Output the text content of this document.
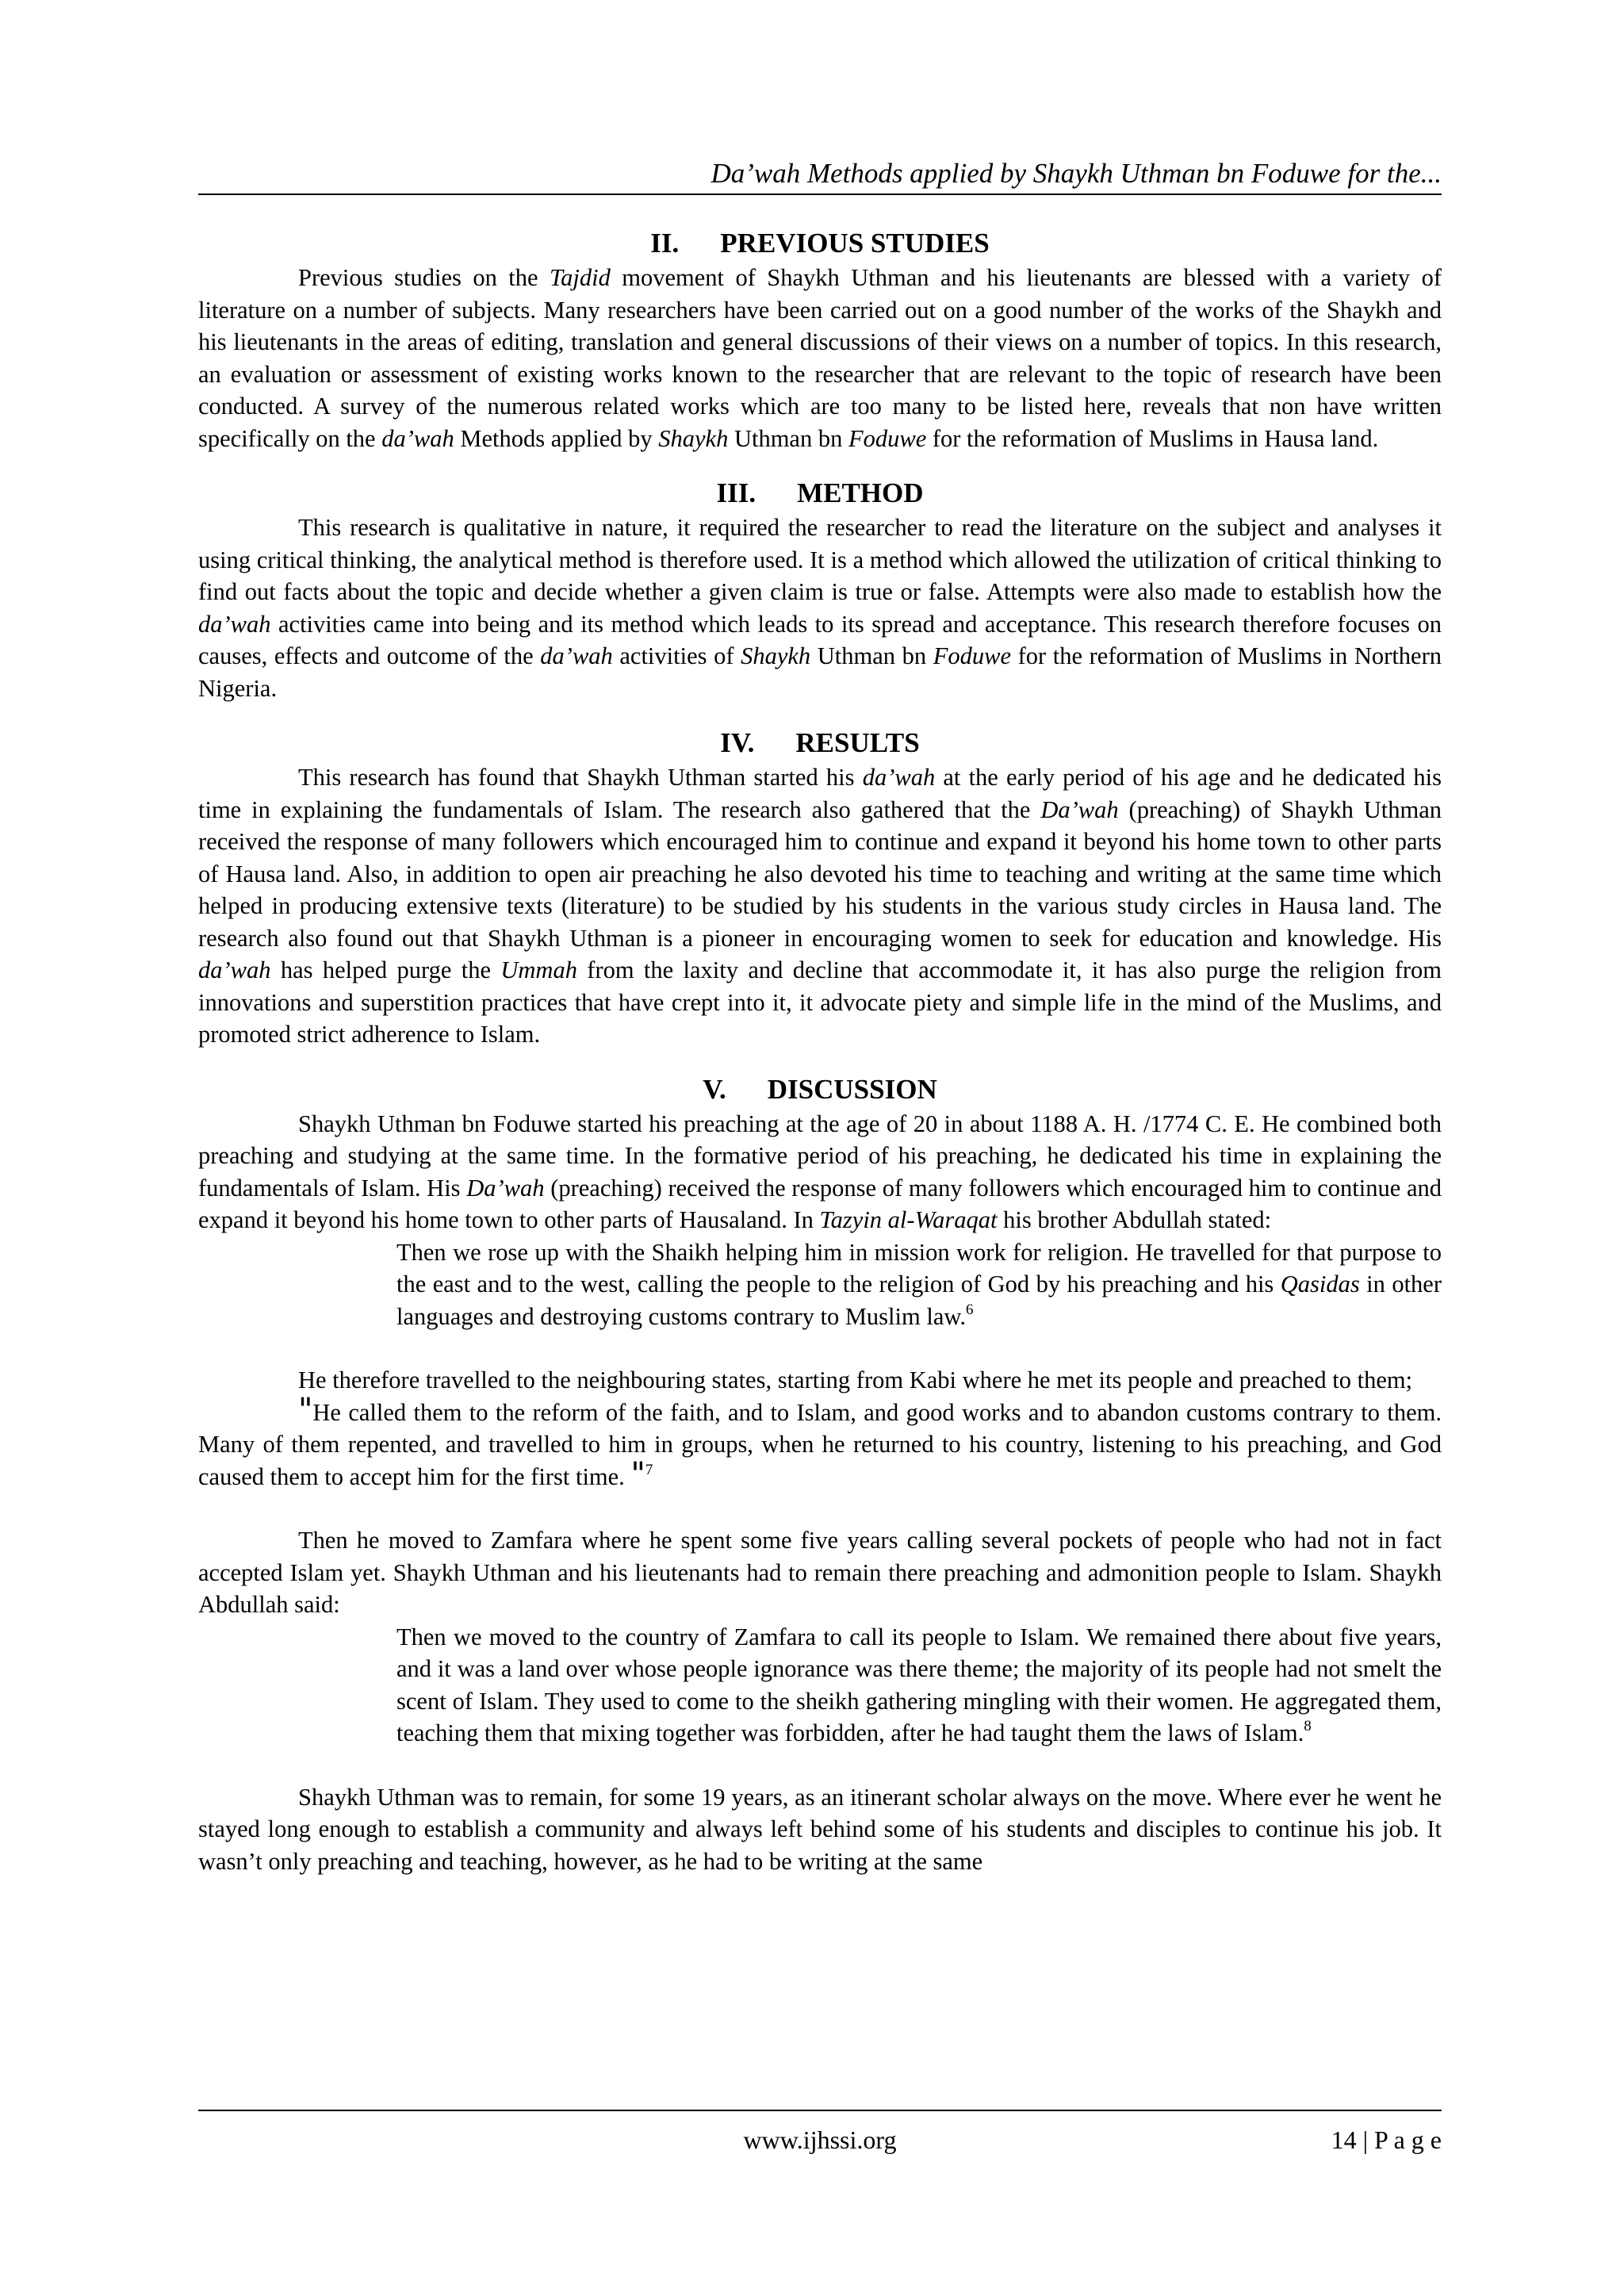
Da’wah Methods applied by Shaykh Uthman bn Foduwe for the...
II. PREVIOUS STUDIES

Previous studies on the Tajdid movement of Shaykh Uthman and his lieutenants are blessed with a variety of literature on a number of subjects. Many researchers have been carried out on a good number of the works of the Shaykh and his lieutenants in the areas of editing, translation and general discussions of their views on a number of topics. In this research, an evaluation or assessment of existing works known to the researcher that are relevant to the topic of research have been conducted. A survey of the numerous related works which are too many to be listed here, reveals that non have written specifically on the da’wah Methods applied by Shaykh Uthman bn Foduwe for the reformation of Muslims in Hausa land.

III. METHOD

This research is qualitative in nature, it required the researcher to read the literature on the subject and analyses it using critical thinking, the analytical method is therefore used. It is a method which allowed the utilization of critical thinking to find out facts about the topic and decide whether a given claim is true or false. Attempts were also made to establish how the da’wah activities came into being and its method which leads to its spread and acceptance. This research therefore focuses on causes, effects and outcome of the da’wah activities of Shaykh Uthman bn Foduwe for the reformation of Muslims in Northern Nigeria.

IV. RESULTS

This research has found that Shaykh Uthman started his da’wah at the early period of his age and he dedicated his time in explaining the fundamentals of Islam. The research also gathered that the Da’wah (preaching) of Shaykh Uthman received the response of many followers which encouraged him to continue and expand it beyond his home town to other parts of Hausa land. Also, in addition to open air preaching he also devoted his time to teaching and writing at the same time which helped in producing extensive texts (literature) to be studied by his students in the various study circles in Hausa land. The research also found out that Shaykh Uthman is a pioneer in encouraging women to seek for education and knowledge. His da’wah has helped purge the Ummah from the laxity and decline that accommodate it, it has also purge the religion from innovations and superstition practices that have crept into it, it advocate piety and simple life in the mind of the Muslims, and promoted strict adherence to Islam.

V. DISCUSSION

Shaykh Uthman bn Foduwe started his preaching at the age of 20 in about 1188 A. H. /1774 C. E. He combined both preaching and studying at the same time. In the formative period of his preaching, he dedicated his time in explaining the fundamentals of Islam. His Da’wah (preaching) received the response of many followers which encouraged him to continue and expand it beyond his home town to other parts of Hausaland. In Tazyin al-Waraqat his brother Abdullah stated:

Then we rose up with the Shaikh helping him in mission work for religion. He travelled for that purpose to the east and to the west, calling the people to the religion of God by his preaching and his Qasidas in other languages and destroying customs contrary to Muslim law.$^6$

He therefore travelled to the neighbouring states, starting from Kabi where he met its people and preached to them;

"He called them to the reform of the faith, and to Islam, and good works and to abandon customs contrary to them. Many of them repented, and travelled to him in groups, when he returned to his country, listening to his preaching, and God caused them to accept him for the first time. "$^7$

Then he moved to Zamfara where he spent some five years calling several pockets of people who had not in fact accepted Islam yet. Shaykh Uthman and his lieutenants had to remain there preaching and admonition people to Islam. Shaykh Abdullah said:

Then we moved to the country of Zamfara to call its people to Islam. We remained there about five years, and it was a land over whose people ignorance was there theme; the majority of its people had not smelt the scent of Islam. They used to come to the sheikh gathering mingling with their women. He aggregated them, teaching them that mixing together was forbidden, after he had taught them the laws of Islam.$^8$

Shaykh Uthman was to remain, for some 19 years, as an itinerant scholar always on the move. Where ever he went he stayed long enough to establish a community and always left behind some of his students and disciples to continue his job. It wasn’t only preaching and teaching, however, as he had to be writing at the same

www.ijhssi.org	14 | P a g e
